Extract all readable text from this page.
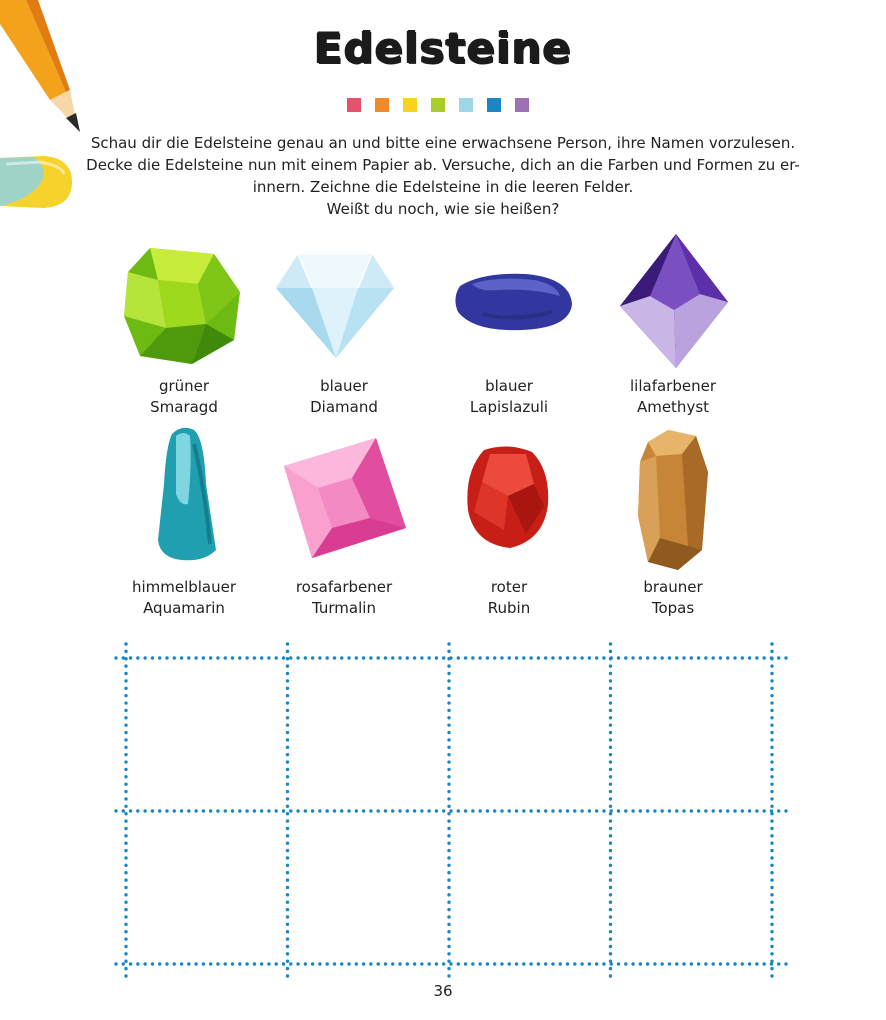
Edelsteine

Schau dir die Edelsteine genau an und bitte eine erwachsene Person, ihre Namen vorzulesen.

Decke die Edelsteine nun mit einem Papier ab. Versuche, dich an die Farben und Formen zu er-

innern. Zeichne die Edelsteine in die leeren Felder.

Weißt du noch, wie sie heißen?

grüner
Smaragd
blauer
Diamand
blauer
Lapislazuli
lilafarbener
Amethyst
himmelblauer
Aquamarin
rosafarbener
Turmalin
roter
Rubin
brauner
Topas
36
